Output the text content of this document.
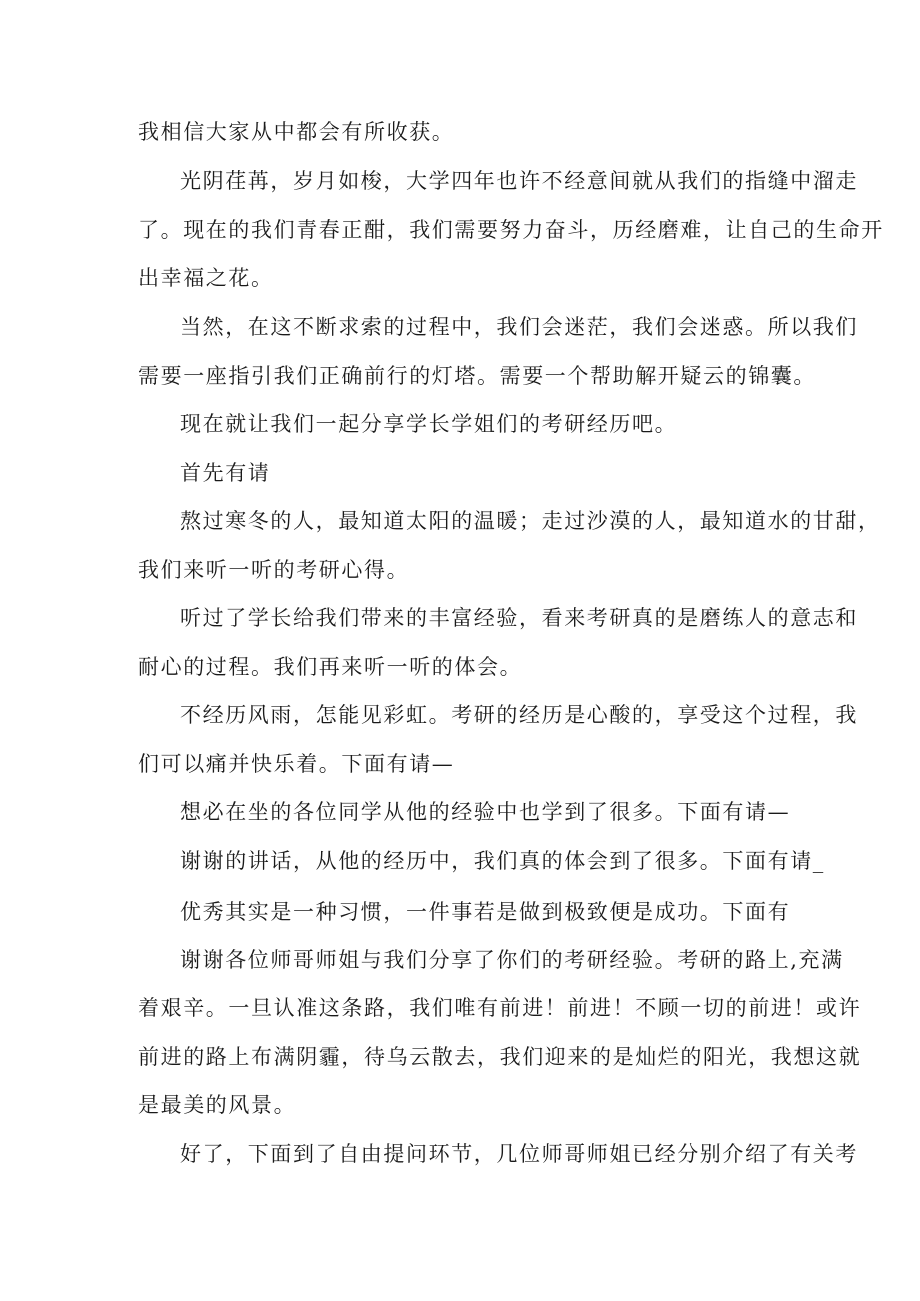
我相信大家从中都会有所收获。
光阴荏苒，岁月如梭，大学四年也许不经意间就从我们的指缝中溜走
了。现在的我们青春正酣，我们需要努力奋斗，历经磨难，让自己的生命开
出幸福之花。
当然，在这不断求索的过程中，我们会迷茫，我们会迷惑。所以我们
需要一座指引我们正确前行的灯塔。需要一个帮助解开疑云的锦囊。
现在就让我们一起分享学长学姐们的考研经历吧。
首先有请
熬过寒冬的人，最知道太阳的温暖；走过沙漠的人，最知道水的甘甜，
我们来听一听的考研心得。
听过了学长给我们带来的丰富经验，看来考研真的是磨练人的意志和
耐心的过程。我们再来听一听的体会。
不经历风雨，怎能见彩虹。考研的经历是心酸的，享受这个过程，我
们可以痛并快乐着。下面有请—
想必在坐的各位同学从他的经验中也学到了很多。下面有请—
谢谢的讲话，从他的经历中，我们真的体会到了很多。下面有请_
优秀其实是一种习惯，一件事若是做到极致便是成功。下面有
谢谢各位师哥师姐与我们分享了你们的考研经验。考研的路上,充满
着艰辛。一旦认准这条路，我们唯有前进！前进！不顾一切的前进！或许
前进的路上布满阴霾，待乌云散去，我们迎来的是灿烂的阳光，我想这就
是最美的风景。
好了，下面到了自由提问环节，几位师哥师姐已经分别介绍了有关考
